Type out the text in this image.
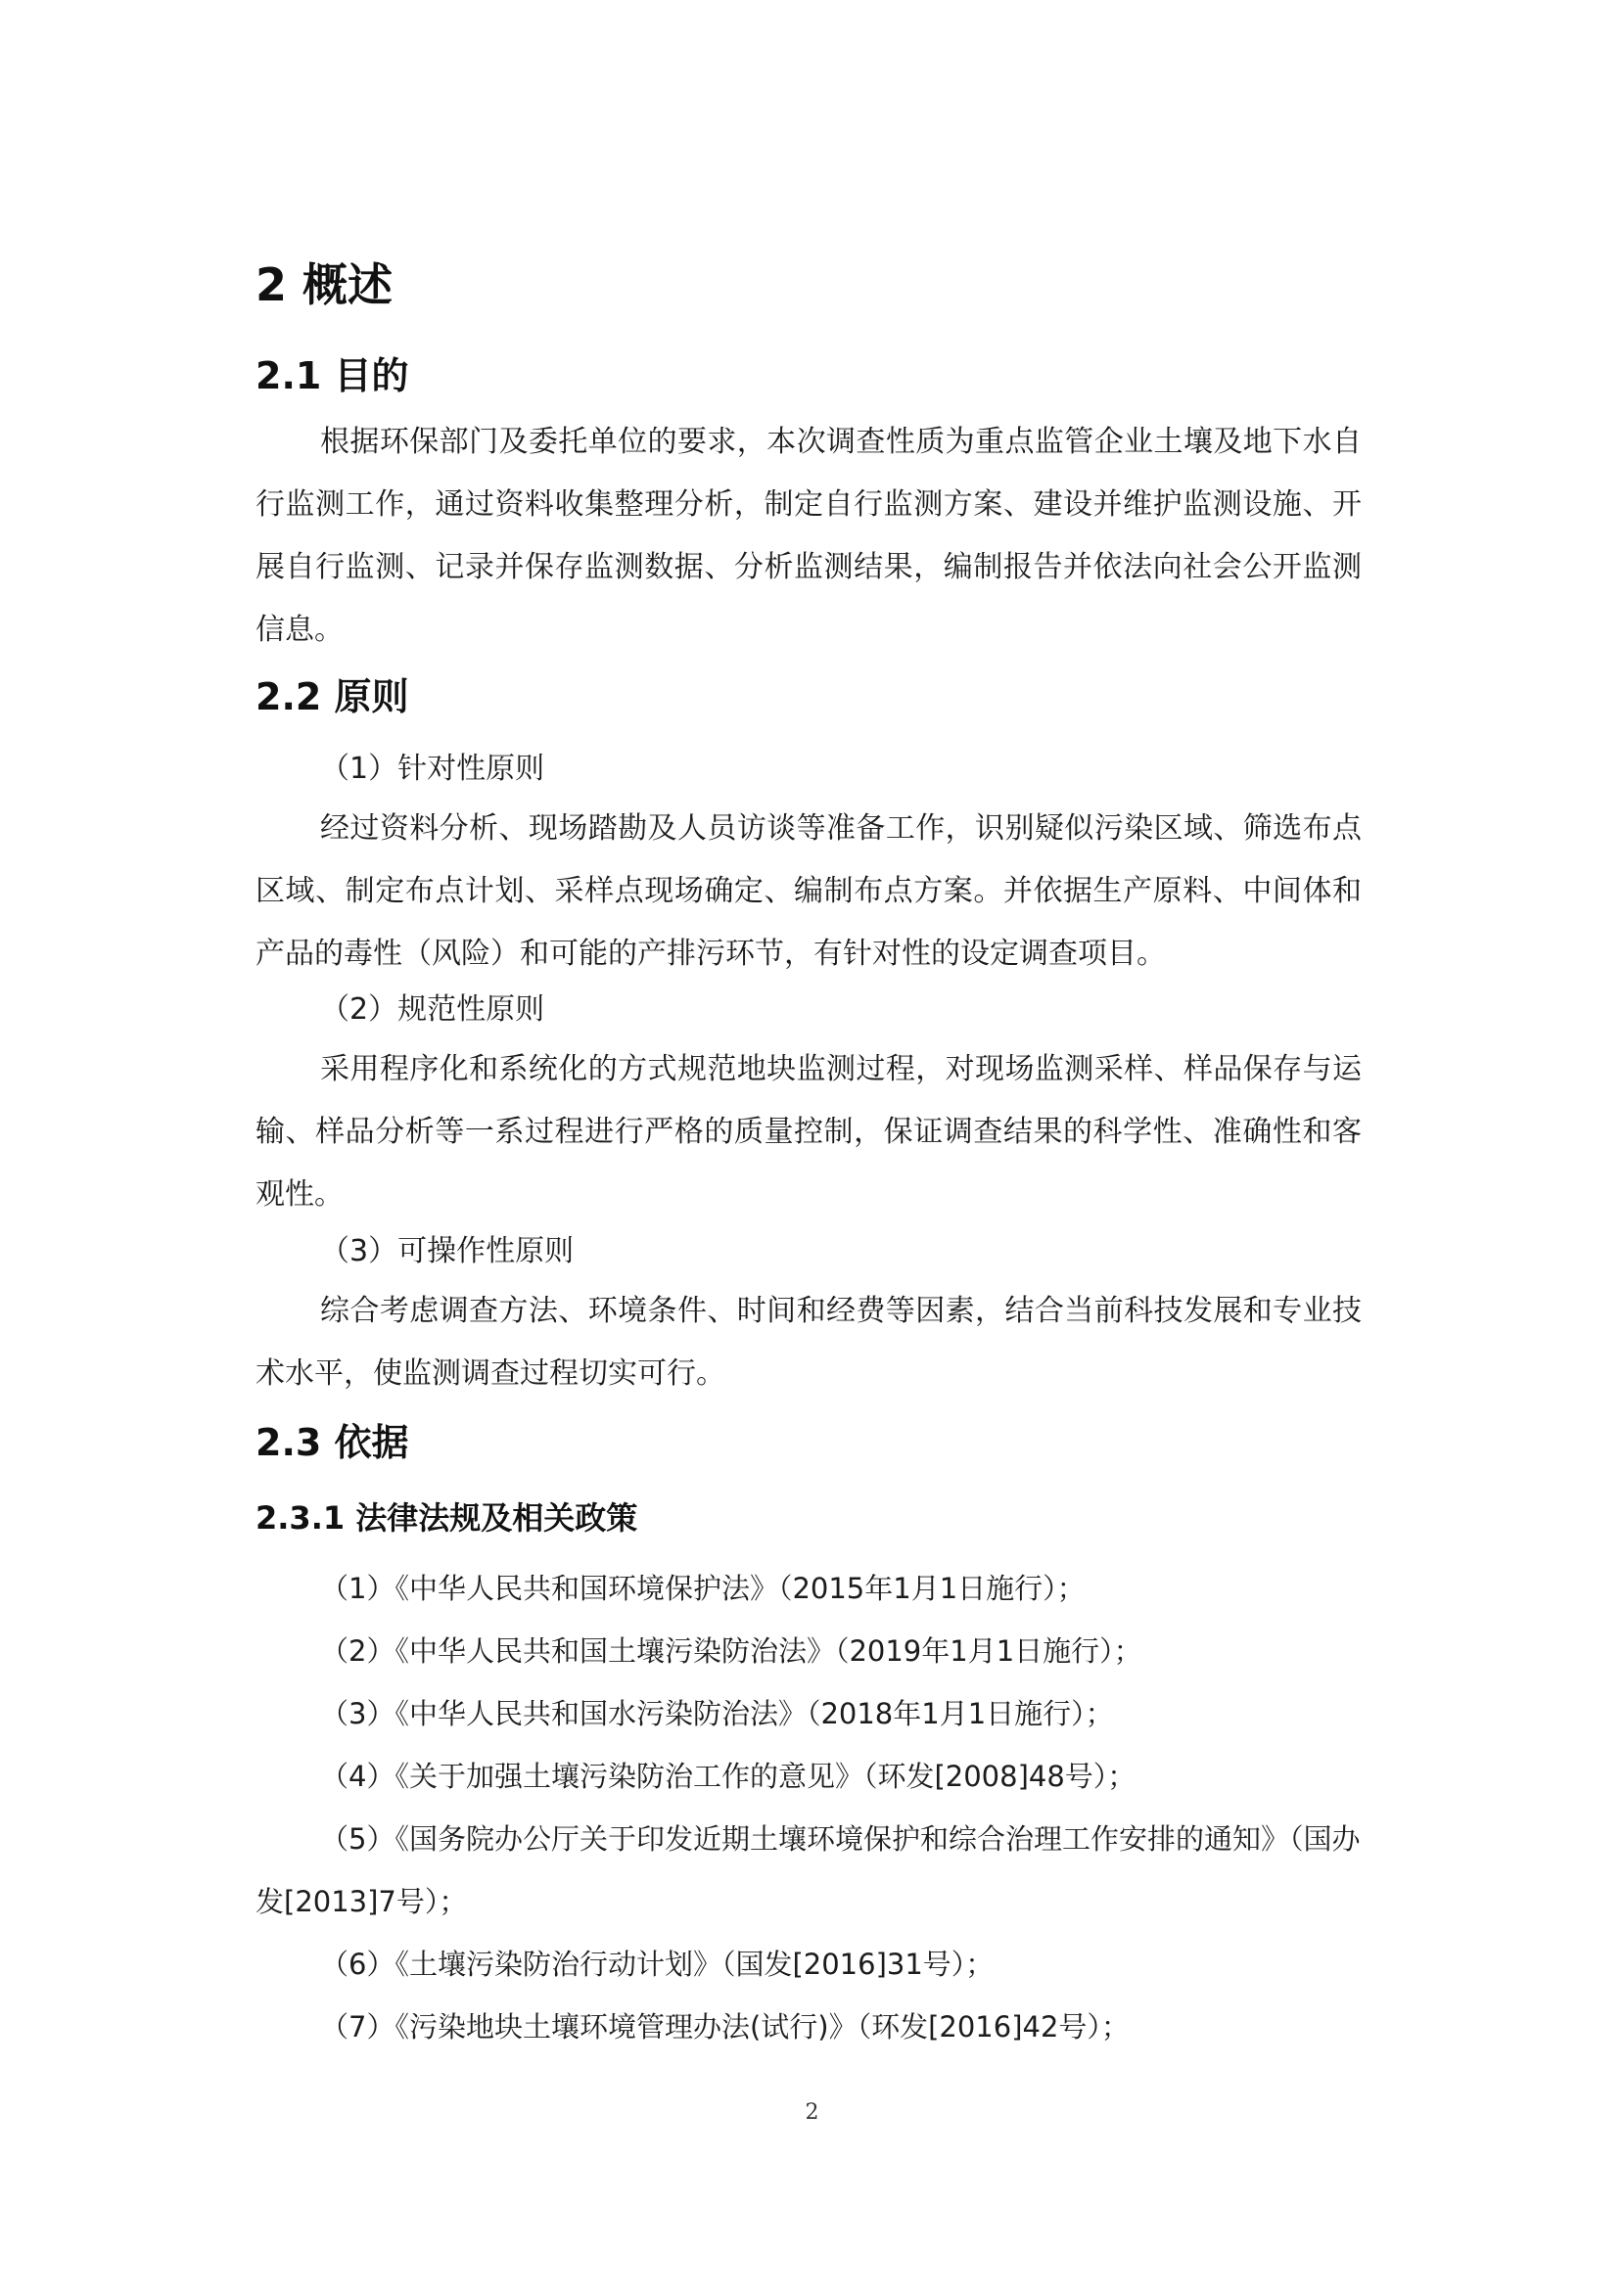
2 概述
2.1 目的

根据环保部门及委托单位的要求，本次调查性质为重点监管企业土壤及地下水自行监测工作，通过资料收集整理分析，制定自行监测方案、建设并维护监测设施、开展自行监测、记录并保存监测数据、分析监测结果，编制报告并依法向社会公开监测信息。

2.2 原则

（1）针对性原则

经过资料分析、现场踏勘及人员访谈等准备工作，识别疑似污染区域、筛选布点区域、制定布点计划、采样点现场确定、编制布点方案。并依据生产原料、中间体和产品的毒性（风险）和可能的产排污环节，有针对性的设定调查项目。

（2）规范性原则

采用程序化和系统化的方式规范地块监测过程，对现场监测采样、样品保存与运输、样品分析等一系过程进行严格的质量控制，保证调查结果的科学性、准确性和客观性。

（3）可操作性原则

综合考虑调查方法、环境条件、时间和经费等因素，结合当前科技发展和专业技术水平，使监测调查过程切实可行。

2.3 依据
2.3.1 法律法规及相关政策

（1）《中华人民共和国环境保护法》（2015年1月1日施行）；

（2）《中华人民共和国土壤污染防治法》（2019年1月1日施行）；

（3）《中华人民共和国水污染防治法》（2018年1月1日施行）；

（4）《关于加强土壤污染防治工作的意见》（环发[2008]48号）；

（5）《国务院办公厅关于印发近期土壤环境保护和综合治理工作安排的通知》（国办发[2013]7号）；

（6）《土壤污染防治行动计划》（国发[2016]31号）；

（7）《污染地块土壤环境管理办法(试行)》（环发[2016]42号）；

2
